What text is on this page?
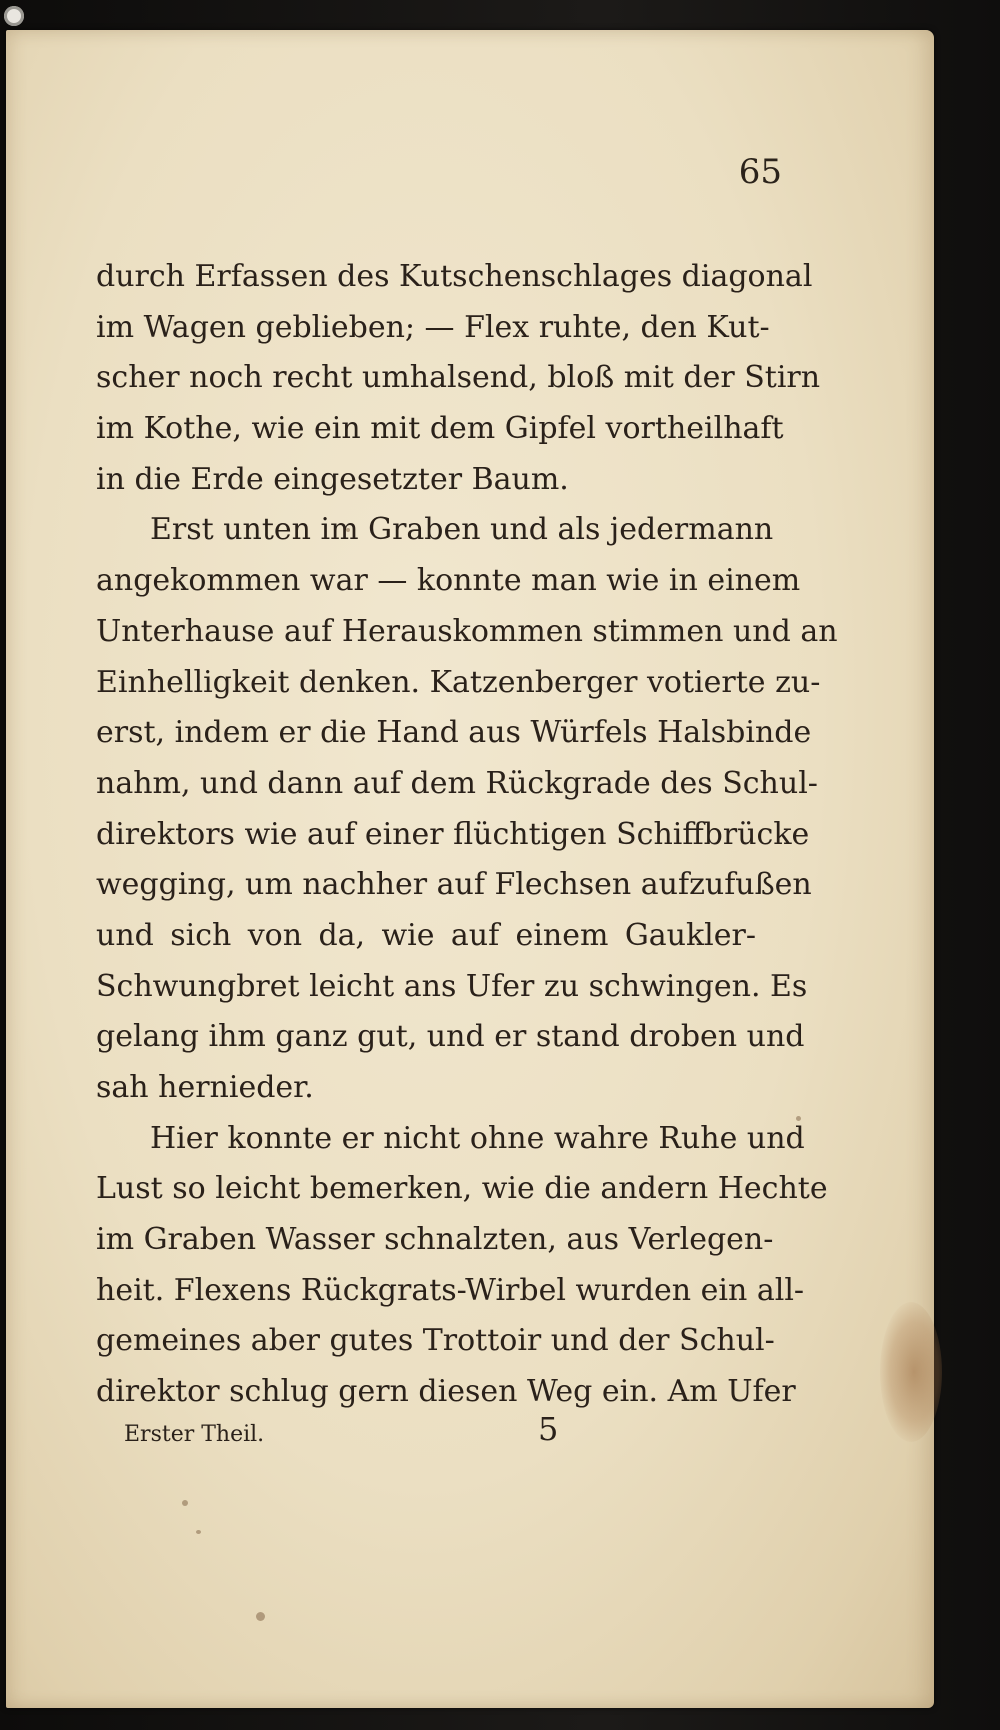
65
durch Erfassen des Kutschenschlages diagonal
im Wagen geblieben; — Flex ruhte, den Kut-
scher noch recht umhalsend, bloß mit der Stirn
im Kothe, wie ein mit dem Gipfel vortheilhaft
in die Erde eingesetzter Baum.
Erst unten im Graben und als jedermann
angekommen war — konnte man wie in einem
Unterhause auf Herauskommen stimmen und an
Einhelligkeit denken. Katzenberger votierte zu-
erst, indem er die Hand aus Würfels Halsbinde
nahm, und dann auf dem Rückgrade des Schul-
direktors wie auf einer flüchtigen Schiffbrücke
wegging, um nachher auf Flechsen aufzufußen
und sich von da, wie auf einem Gaukler-
Schwungbret leicht ans Ufer zu schwingen. Es
gelang ihm ganz gut, und er stand droben und
sah hernieder.
Hier konnte er nicht ohne wahre Ruhe und
Lust so leicht bemerken, wie die andern Hechte
im Graben Wasser schnalzten, aus Verlegen-
heit. Flexens Rückgrats-Wirbel wurden ein all-
gemeines aber gutes Trottoir und der Schul-
direktor schlug gern diesen Weg ein. Am Ufer
Erster Theil.	5
